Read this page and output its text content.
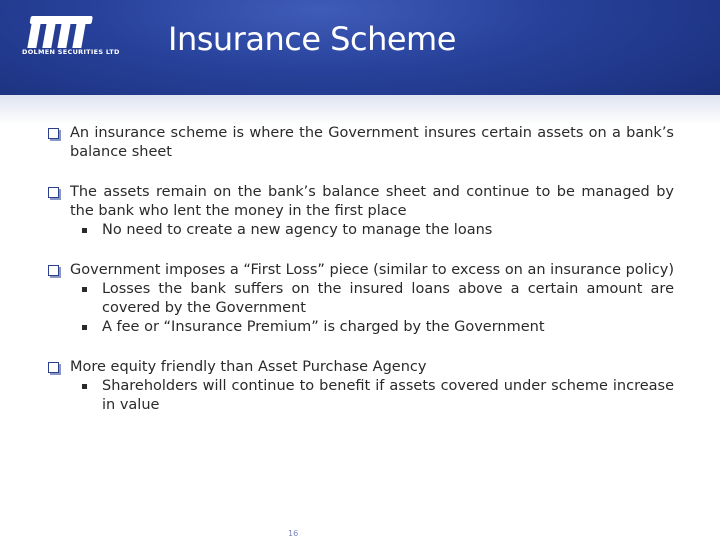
DOLMEN SECURITIES LTD	Insurance Scheme
An insurance scheme is where the Government insures certain assets on a bank’s balance sheet
The assets remain on the bank’s balance sheet and continue to be managed by the bank who lent the money in the first place
No need to create a new agency to manage the loans
Government imposes a “First Loss” piece (similar to excess on an insurance policy)
Losses the bank suffers on the insured loans above a certain amount are covered by the Government
A fee or “Insurance Premium” is charged by the Government
More equity friendly than Asset Purchase Agency
Shareholders will continue to benefit if assets covered under scheme increase in value
16
